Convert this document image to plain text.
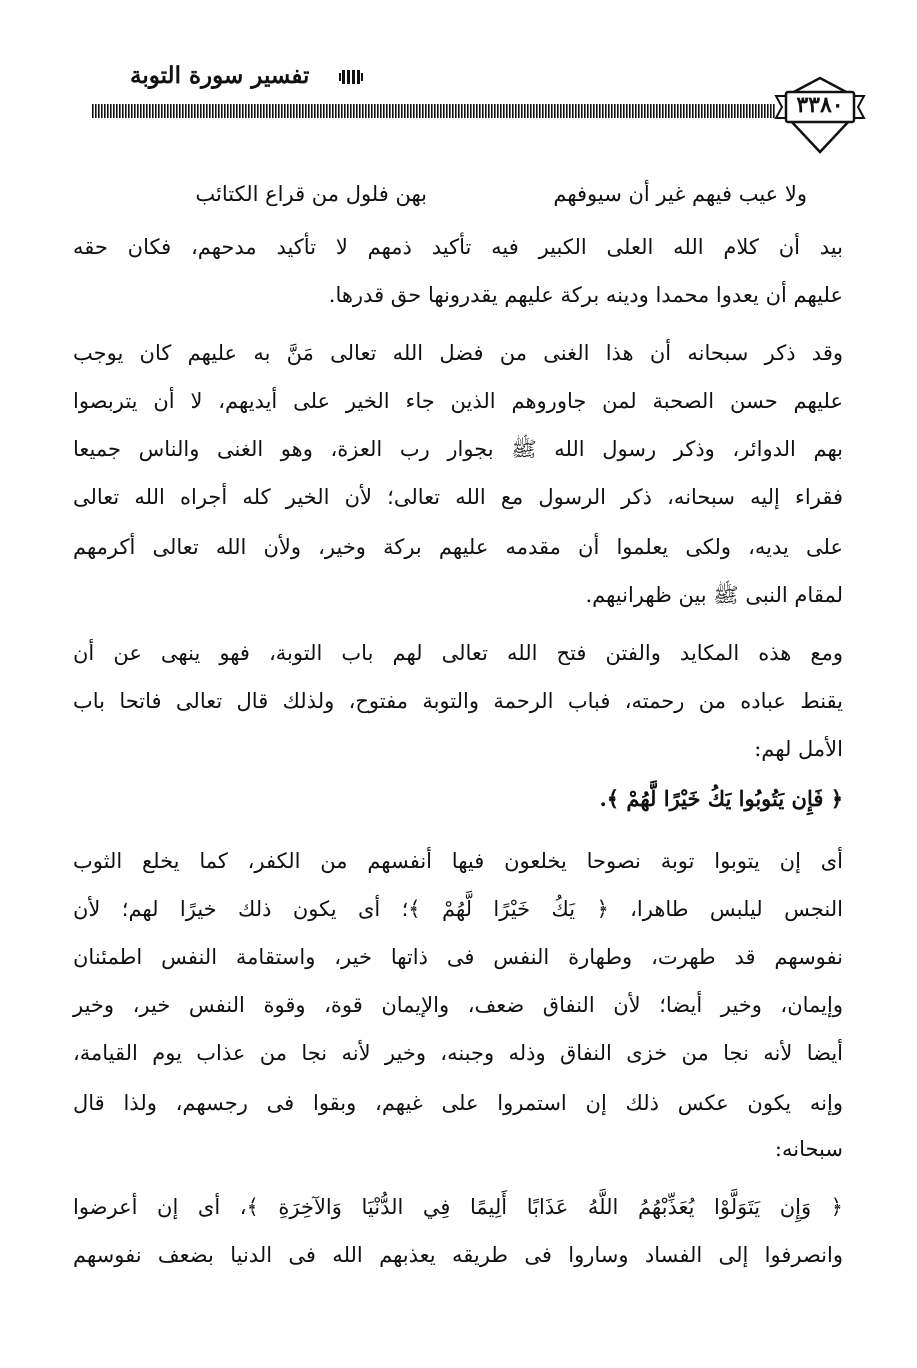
تفسير سورة التوبة
٣٣٨٠
ولا عيب فيهم غير أن سيوفهم
بهن فلول من قراع الكتائب
بيد أن كلام الله العلى الكبير فيه تأكيد ذمهم لا تأكيد مدحهم، فكان حقه
عليهم أن يعدوا محمدا ودينه بركة عليهم يقدرونها حق قدرها.
وقد ذكر سبحانه أن هذا الغنى من فضل الله تعالى مَنَّ به عليهم كان يوجب
عليهم حسن الصحبة لمن جاوروهم الذين جاء الخير على أيديهم، لا أن يتربصوا
بهم الدوائر، وذكر رسول الله ﷺ بجوار رب العزة، وهو الغنى والناس جميعا
فقراء إليه سبحانه، ذكر الرسول مع الله تعالى؛ لأن الخير كله أجراه الله تعالى
على يديه، ولكى يعلموا أن مقدمه عليهم بركة وخير، ولأن الله تعالى أكرمهم
لمقام النبى ﷺ بين ظهرانيهم.
ومع هذه المكايد والفتن فتح الله تعالى لهم باب التوبة، فهو ينهى عن أن
يقنط عباده من رحمته، فباب الرحمة والتوبة مفتوح، ولذلك قال تعالى فاتحا باب
الأمل لهم:
﴿ فَإِن يَتُوبُوا يَكُ خَيْرًا لَّهُمْ ﴾.
أى إن يتوبوا توبة نصوحا يخلعون فيها أنفسهم من الكفر، كما يخلع الثوب
النجس ليلبس طاهرا، ﴿ يَكُ خَيْرًا لَّهُمْ ﴾؛ أى يكون ذلك خيرًا لهم؛ لأن
نفوسهم قد طهرت، وطهارة النفس فى ذاتها خير، واستقامة النفس اطمئنان
وإيمان، وخير أيضا؛ لأن النفاق ضعف، والإيمان قوة، وقوة النفس خير، وخير
أيضا لأنه نجا من خزى النفاق وذله وجبنه، وخير لأنه نجا من عذاب يوم القيامة،
وإنه يكون عكس ذلك إن استمروا على غيهم، وبقوا فى رجسهم، ولذا قال
سبحانه:
﴿ وَإِن يَتَوَلَّوْا يُعَذِّبْهُمُ اللَّهُ عَذَابًا أَلِيمًا فِي الدُّنْيَا وَالآخِرَةِ ﴾، أى إن أعرضوا
وانصرفوا إلى الفساد وساروا فى طريقه يعذبهم الله فى الدنيا بضعف نفوسهم
